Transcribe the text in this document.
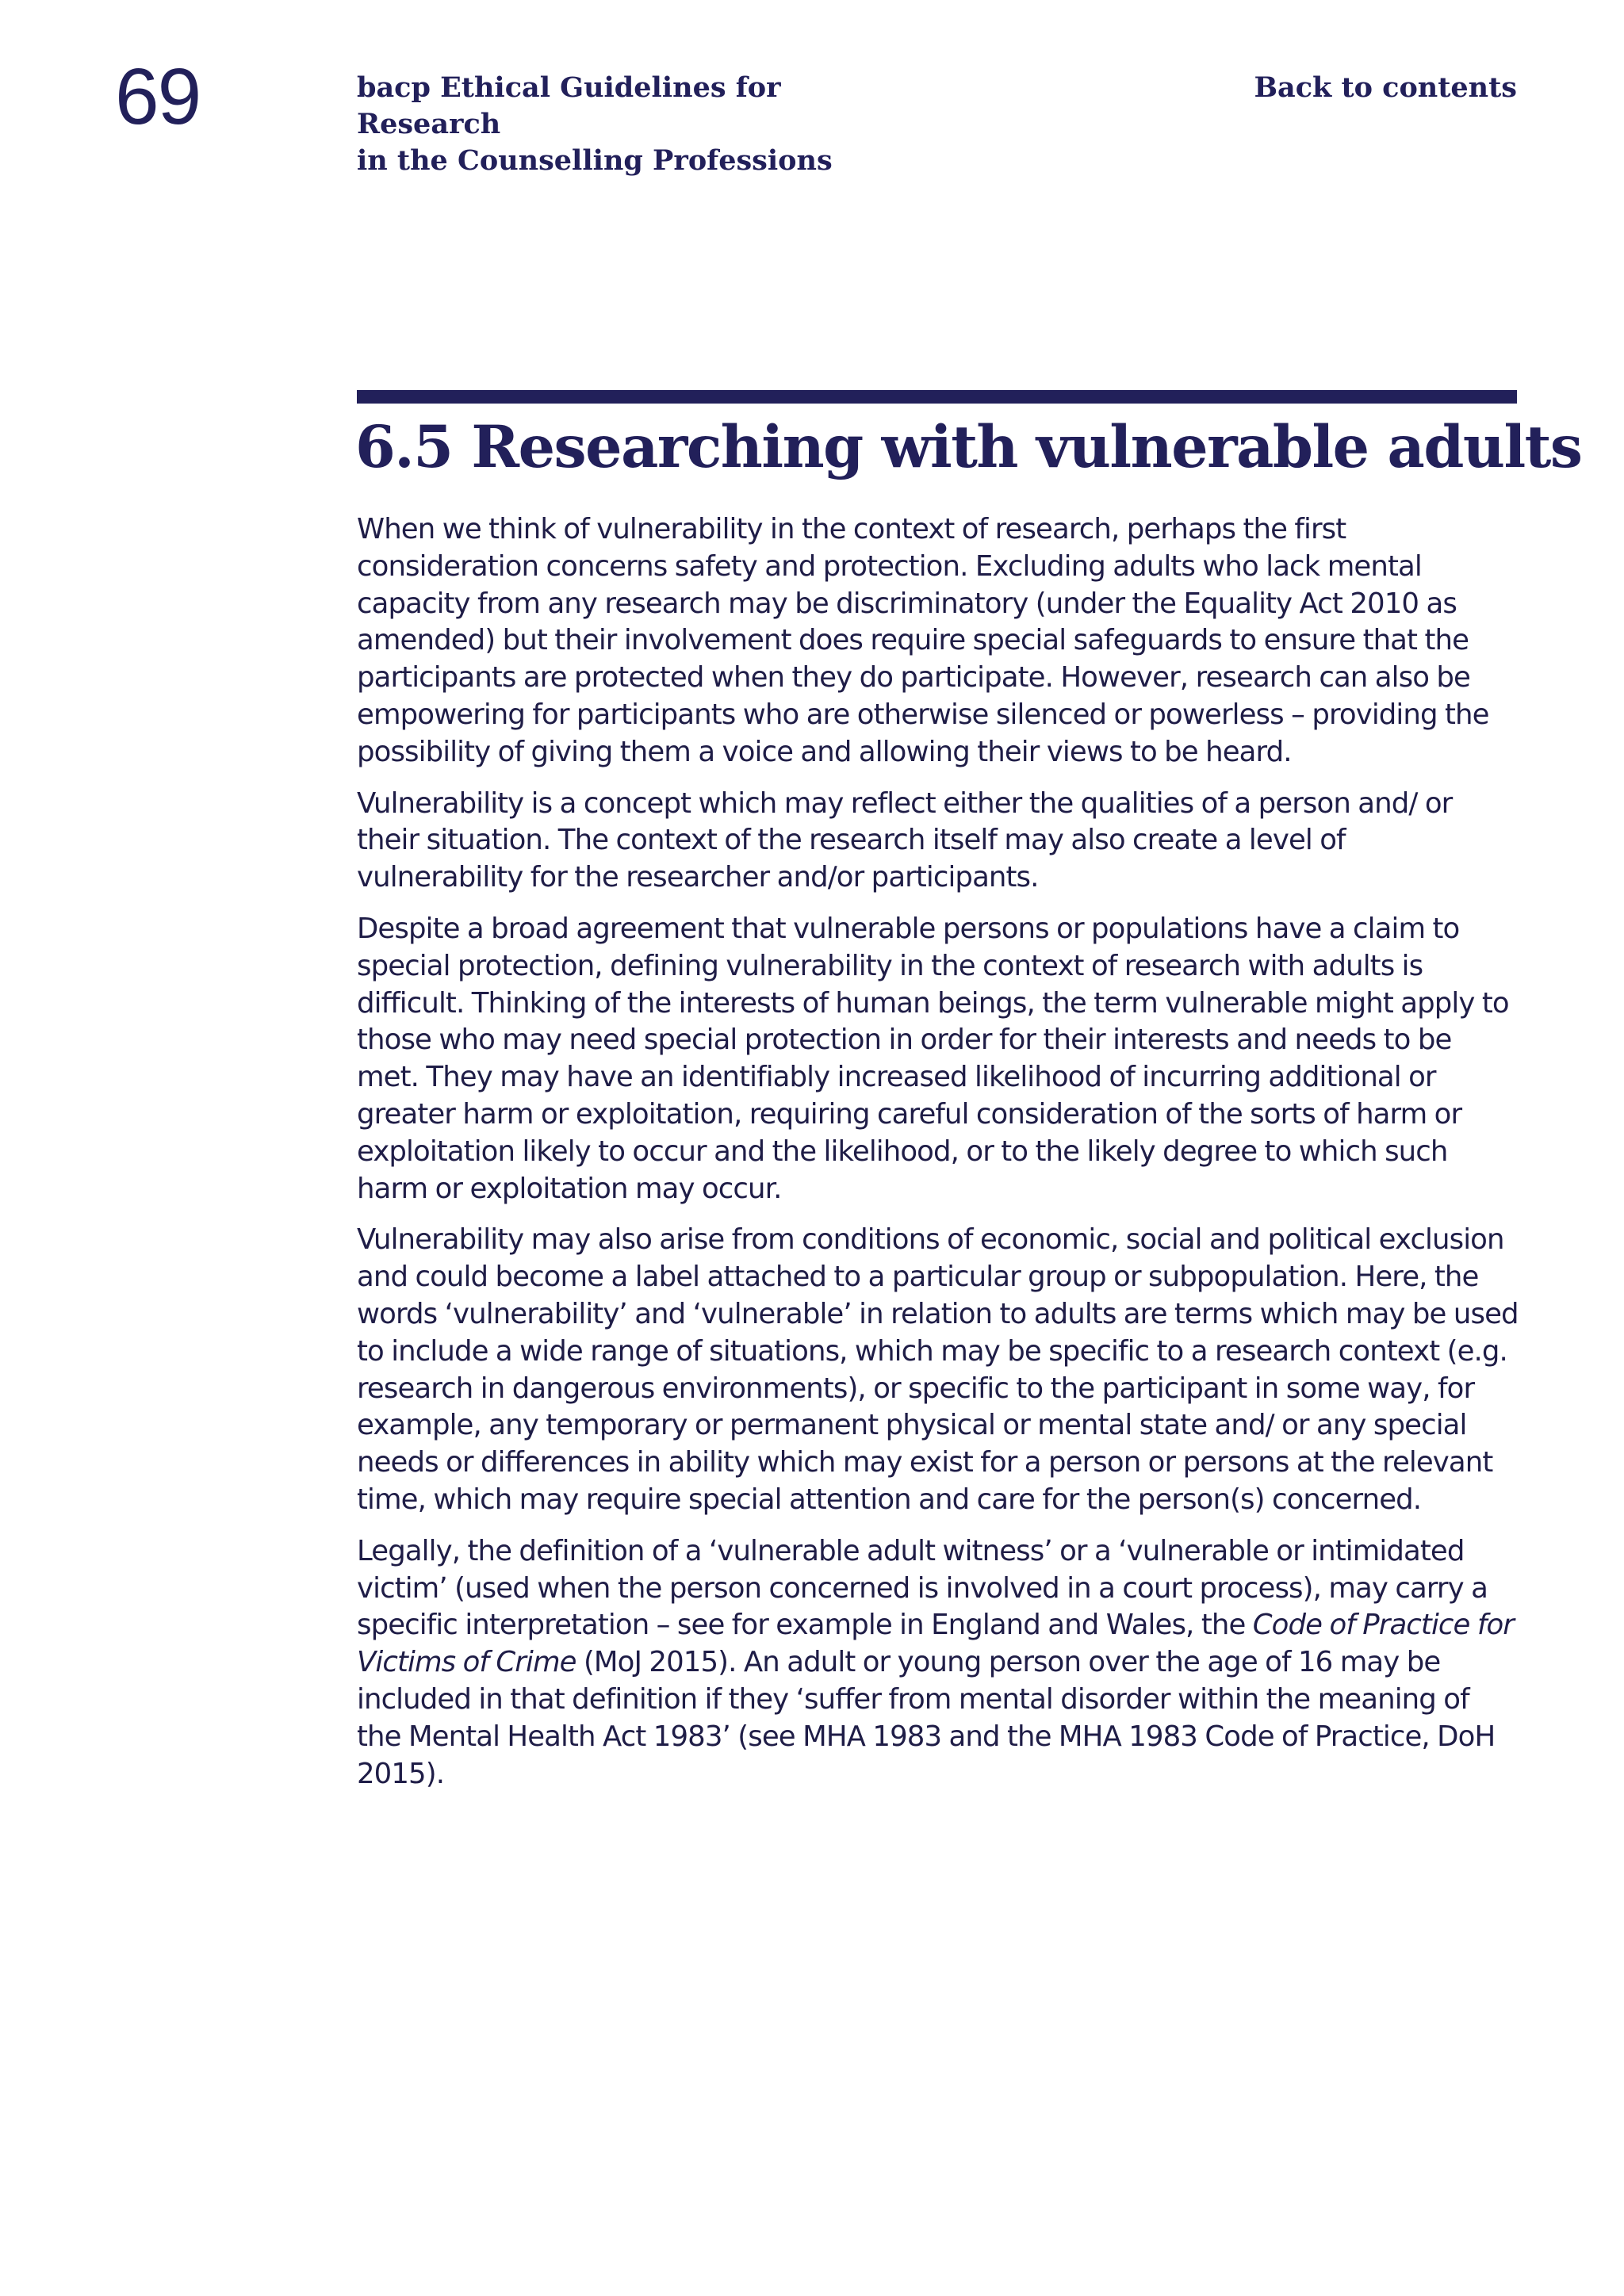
69	bacp Ethical Guidelines for Research
in the Counselling Professions
Back to contents
6.5 Researching with vulnerable adults

When we think of vulnerability in the context of research, perhaps the first consideration concerns safety and protection. Excluding adults who lack mental capacity from any research may be discriminatory (under the Equality Act 2010 as amended) but their involvement does require special safeguards to ensure that the participants are protected when they do participate. However, research can also be empowering for participants who are otherwise silenced or powerless – providing the possibility of giving them a voice and allowing their views to be heard.

Vulnerability is a concept which may reflect either the qualities of a person and/ or their situation. The context of the research itself may also create a level of vulnerability for the researcher and/or participants.

Despite a broad agreement that vulnerable persons or populations have a claim to special protection, defining vulnerability in the context of research with adults is difficult. Thinking of the interests of human beings, the term vulnerable might apply to those who may need special protection in order for their interests and needs to be met. They may have an identifiably increased likelihood of incurring additional or greater harm or exploitation, requiring careful consideration of the sorts of harm or exploitation likely to occur and the likelihood, or to the likely degree to which such harm or exploitation may occur.

Vulnerability may also arise from conditions of economic, social and political exclusion and could become a label attached to a particular group or subpopulation. Here, the words ‘vulnerability’ and ‘vulnerable’ in relation to adults are terms which may be used to include a wide range of situations, which may be specific to a research context (e.g. research in dangerous environments), or specific to the participant in some way, for example, any temporary or permanent physical or mental state and/ or any special needs or differences in ability which may exist for a person or persons at the relevant time, which may require special attention and care for the person(s) concerned.

Legally, the definition of a ‘vulnerable adult witness’ or a ‘vulnerable or intimidated victim’ (used when the person concerned is involved in a court process), may carry a specific interpretation – see for example in England and Wales, the Code of Practice for Victims of Crime (MoJ 2015). An adult or young person over the age of 16 may be included in that definition if they ‘suffer from mental disorder within the meaning of the Mental Health Act 1983’ (see MHA 1983 and the MHA 1983 Code of Practice, DoH 2015).
